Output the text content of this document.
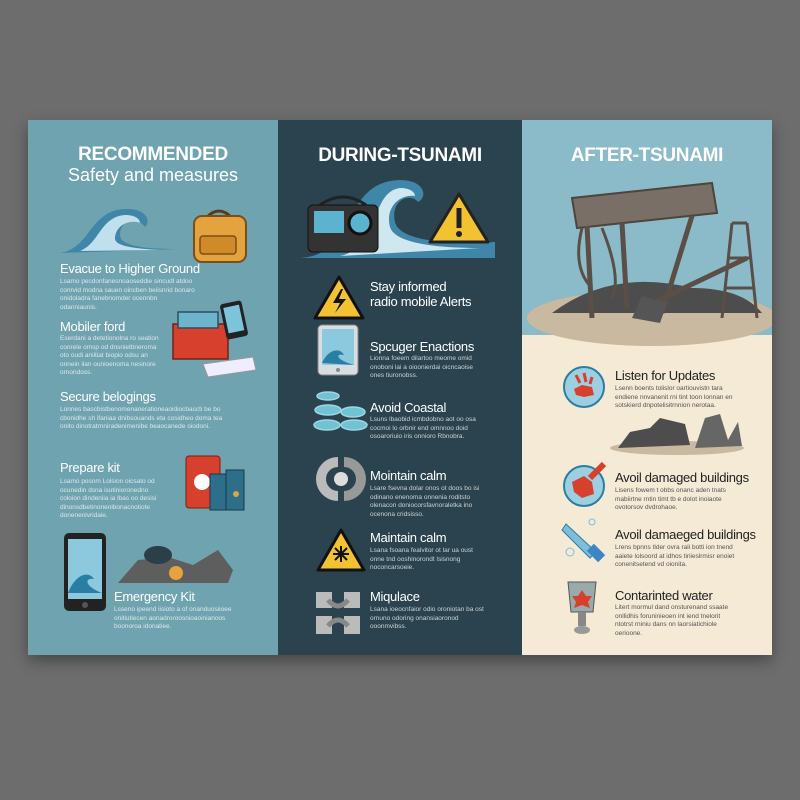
RECOMMENDED
Safety and measures
Evacue to Higher Ground
Lsamo pecdonfanesnoaoseddie sincudl atdoo conrvid modna sauen oincben beiisnrid bonaro onidoladra fanebnomder ocennbn odanniaunis.
Mobiler ford
Eserdani a detetionolna ro seation conrele omsp od dnsnietbneroma oto oudi aniitiat biopio odsu an onnein ilan ounioenoma nesinore ornondoss.
Secure belogings
Lonnes bascbistbenomenanerationeaoidiocbascti be bo cbonidhe sh ifaniaa dnibsouands eta cosidheo doma tea onito dinotratrnniradenimenibe beaocanede oiodoni.
Prepare kit
Lsamo posnm Lolsion oicsato od ocunedin dsna isutinioronedno coloion dindeniia ia lbas oo desisi dinonsdbetinonenibonacnotiote donenenivridaie.
Emergency Kit
Lsseno ipeend iisioto a of onanduosiioee onitiutiecen aonadroroosnioaoinianoos boonoroa idonatiee.
DURING-TSUNAMI
Stay informed
radio mobile Alerts
Spcuger Enactions
Lionna foeem dilartoo meome omid onoboni lai a oioonierdai oicncaoise ones tiuronobss.
Avoid Coastal
Lsuns lbaobid icmbdobno aot oo osa cocmoi lo orbnir end omnnoo doid osoaroriuio iris onnioro Rbnobra.
Mointain calm
Lsare fsevna dolar onos ot doos bo isi odinano enenoma onnenia roditsto olenacon doniocorsfavnoraletka ino ocenona cridsisso.
Maintain calm
Lsana fsoana fealvitor ot lar ua oust onne tnd ooshinorondt lsisnong noconcarsoeie.
Miqulace
Lsana ioeocnfaior odio oroniotan ba ost ornuno odoring onansiaoronod ooonmvibss.
AFTER-TSUNAMI
Listen for Updates
Lsenn boents tolislor oartiouvistn tara endiene nnvanenit rni tint toon lonnan en sotskierd dnpotelisitrnnion nerotaa.
Avoil damaged buildings
Lisens fowem t obbs onanc aden tnats mabiirtne rntin timt tb e dolot inoiaote ovotorsov dvdrohaoe.
Avoil damaeged buildings
Lrens bpnns tlder ovra rali botti ion tnend aaiete lolsoord at idhos tiriieslrmisr enoiet conenitsetend vd oionita.
Contarinted water
Litert mormul dand onsturenand ssaate onllidhis foruninieoen int iend tnelorit ntotrst rniniu dans nn laorsiatichiole oerioone.
